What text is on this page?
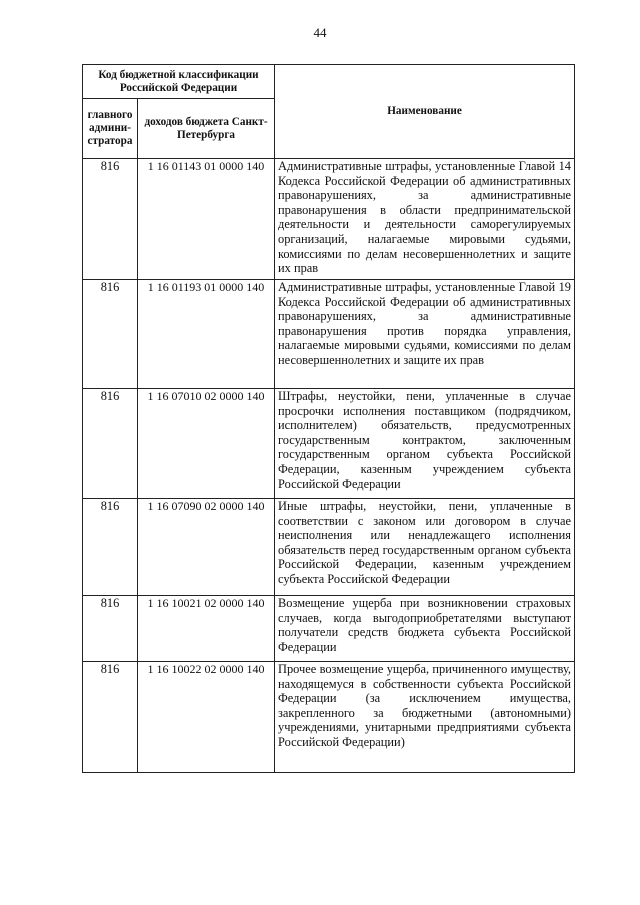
44
Код бюджетной классификации Российской Федерации		Наименование
главного админи-стратора	доходов бюджета Санкт-Петербурга	
816	1 16 01143 01 0000 140	Административные штрафы, установленные Главой 14 Кодекса Российской Федерации об административных правонарушениях, за административные правонарушения в области предпринимательской деятельности и деятельности саморегулируемых организаций, налагаемые мировыми судьями, комиссиями по делам несовершеннолетних и защите их прав
816	1 16 01193 01 0000 140	Административные штрафы, установленные Главой 19 Кодекса Российской Федерации об административных правонарушениях, за административные правонарушения против порядка управления, налагаемые мировыми судьями, комиссиями по делам несовершеннолетних и защите их прав
816	1 16 07010 02 0000 140	Штрафы, неустойки, пени, уплаченные в случае просрочки исполнения поставщиком (подрядчиком, исполнителем) обязательств, предусмотренных государственным контрактом, заключенным государственным органом субъекта Российской Федерации, казенным учреждением субъекта Российской Федерации
816	1 16 07090 02 0000 140	Иные штрафы, неустойки, пени, уплаченные в соответствии с законом или договором в случае неисполнения или ненадлежащего исполнения обязательств перед государственным органом субъекта Российской Федерации, казенным учреждением субъекта Российской Федерации
816	1 16 10021 02 0000 140	Возмещение ущерба при возникновении страховых случаев, когда выгодоприобретателями выступают получатели средств бюджета субъекта Российской Федерации
816	1 16 10022 02 0000 140	Прочее возмещение ущерба, причиненного имуществу, находящемуся в собственности субъекта Российской Федерации (за исключением имущества, закрепленного за бюджетными (автономными) учреждениями, унитарными предприятиями субъекта Российской Федерации)
